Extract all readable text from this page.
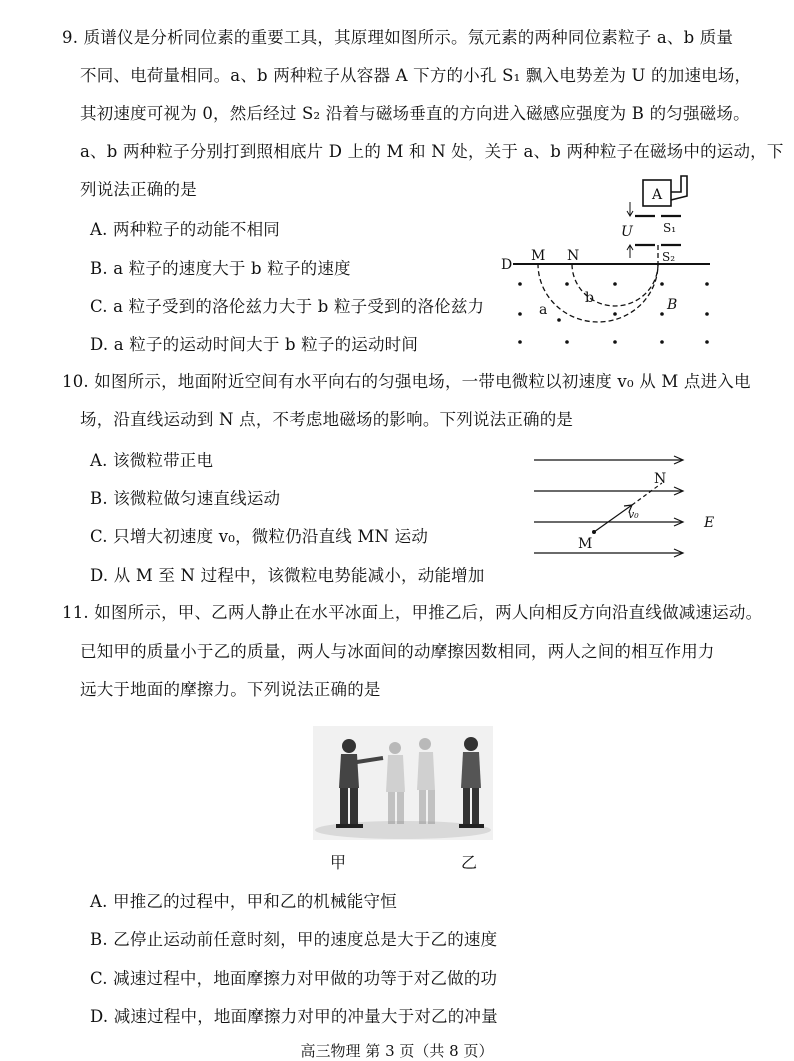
9. 质谱仪是分析同位素的重要工具，其原理如图所示。氖元素的两种同位素粒子 a、b 质量
不同、电荷量相同。a、b 两种粒子从容器 A 下方的小孔 S₁ 飘入电势差为 U 的加速电场，
其初速度可视为 0，然后经过 S₂ 沿着与磁场垂直的方向进入磁感应强度为 B 的匀强磁场。
a、b 两种粒子分别打到照相底片 D 上的 M 和 N 处，关于 a、b 两种粒子在磁场中的运动，下
列说法正确的是
A. 两种粒子的动能不相同
B. a 粒子的速度大于 b 粒子的速度
C. a 粒子受到的洛伦兹力大于 b 粒子受到的洛伦兹力
D. a 粒子的运动时间大于 b 粒子的运动时间
A
S₁
U
D
M N	S₂
a
b	B
10. 如图所示，地面附近空间有水平向右的匀强电场，一带电微粒以初速度 v₀ 从 M 点进入电
场，沿直线运动到 N 点，不考虑地磁场的影响。下列说法正确的是
A. 该微粒带正电
B. 该微粒做匀速直线运动
C. 只增大初速度 v₀，微粒仍沿直线 MN 运动
D. 从 M 至 N 过程中，该微粒电势能减小，动能增加
E
M
N
v₀
11. 如图所示，甲、乙两人静止在水平冰面上，甲推乙后，两人向相反方向沿直线做减速运动。
已知甲的质量小于乙的质量，两人与冰面间的动摩擦因数相同，两人之间的相互作用力
远大于地面的摩擦力。下列说法正确的是
甲	乙
A. 甲推乙的过程中，甲和乙的机械能守恒
B. 乙停止运动前任意时刻，甲的速度总是大于乙的速度
C. 减速过程中，地面摩擦力对甲做的功等于对乙做的功
D. 减速过程中，地面摩擦力对甲的冲量大于对乙的冲量
高三物理 第 3 页（共 8 页）
